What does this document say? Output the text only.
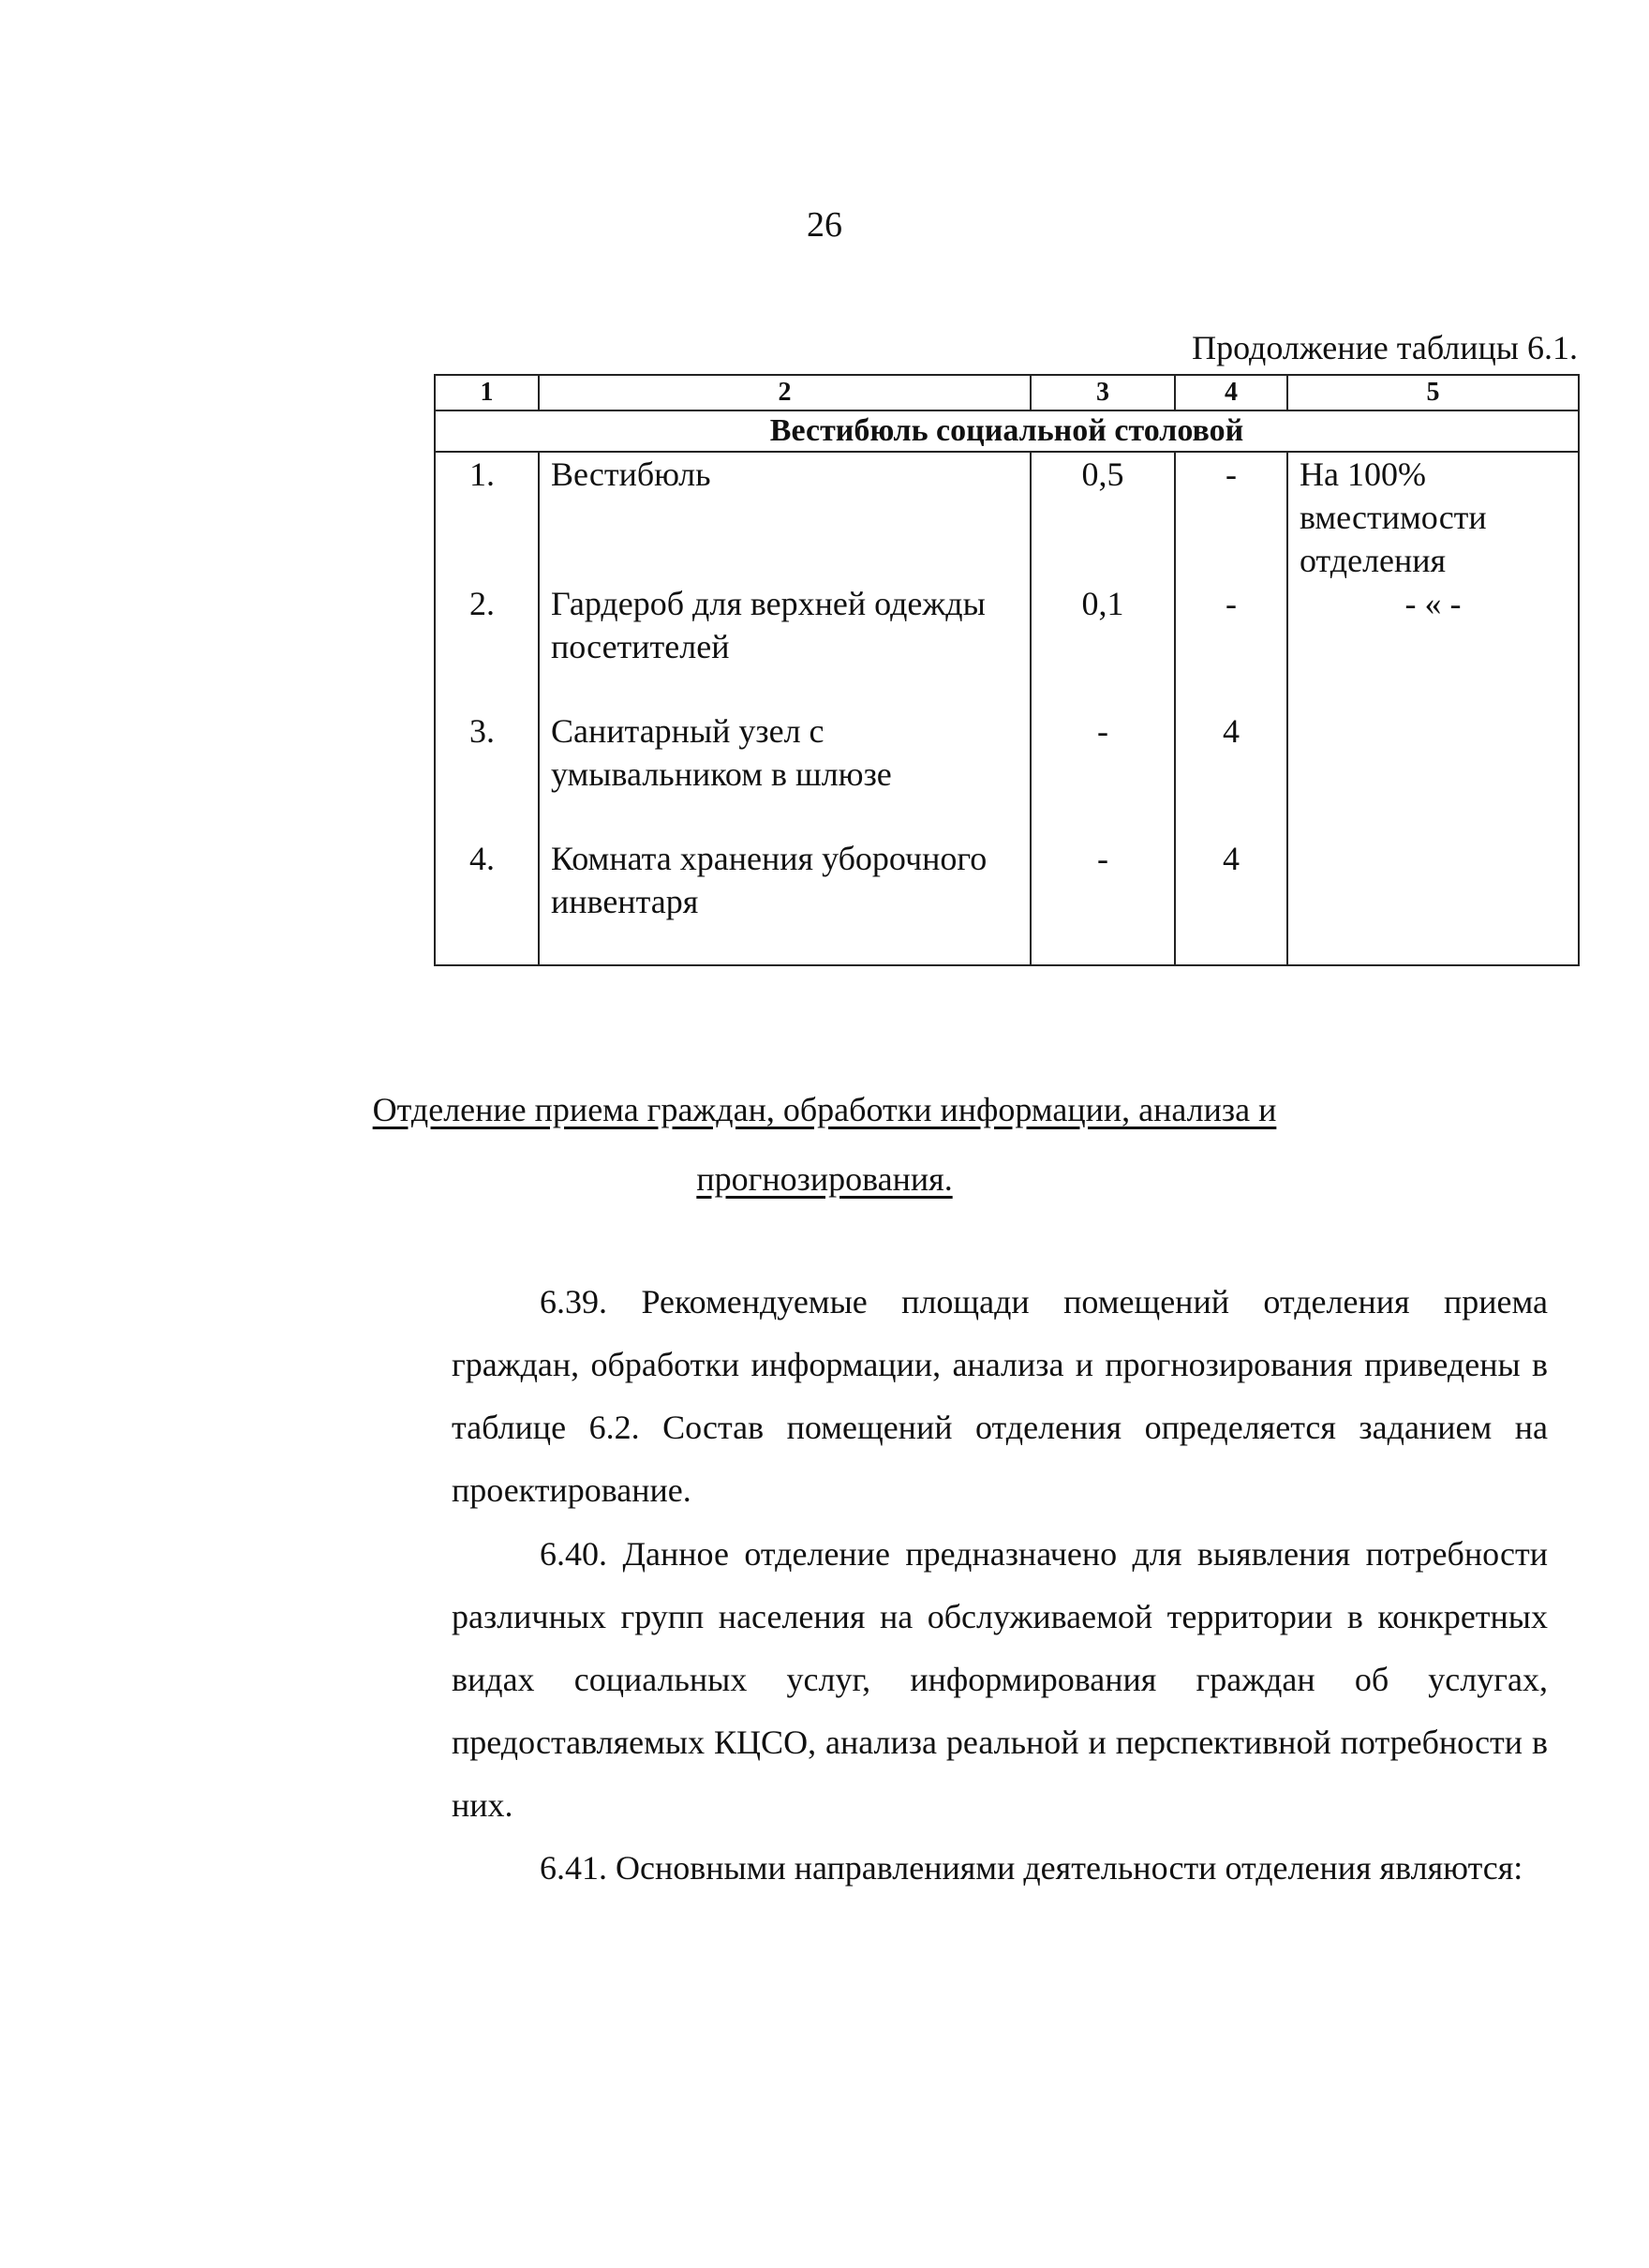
26
Продолжение таблицы 6.1.
1	2	3	4	5
Вестибюль социальной столовой				
1.	Вестибюль	0,5	-	На 100% вместимости отделения
2.	Гардероб для верхней одежды посетителей	0,1	-	- « -
3.	Санитарный узел с умывальником в шлюзе	-	4	
4.	Комната хранения уборочного инвентаря	-	4	
Отделение приема граждан, обработки информации, анализа и
прогнозирования.
6.39. Рекомендуемые площади помещений отделения приема граждан, обработки информации, анализа и прогнозирования приведены в таблице 6.2. Состав помещений отделения определяется заданием на проектирование.
6.40. Данное отделение предназначено для выявления потребности различных групп населения на обслуживаемой территории в конкретных видах социальных услуг, информирования граждан об услугах, предоставляемых КЦСО, анализа реальной и перспективной потребности в них.
6.41. Основными направлениями деятельности отделения являются:
